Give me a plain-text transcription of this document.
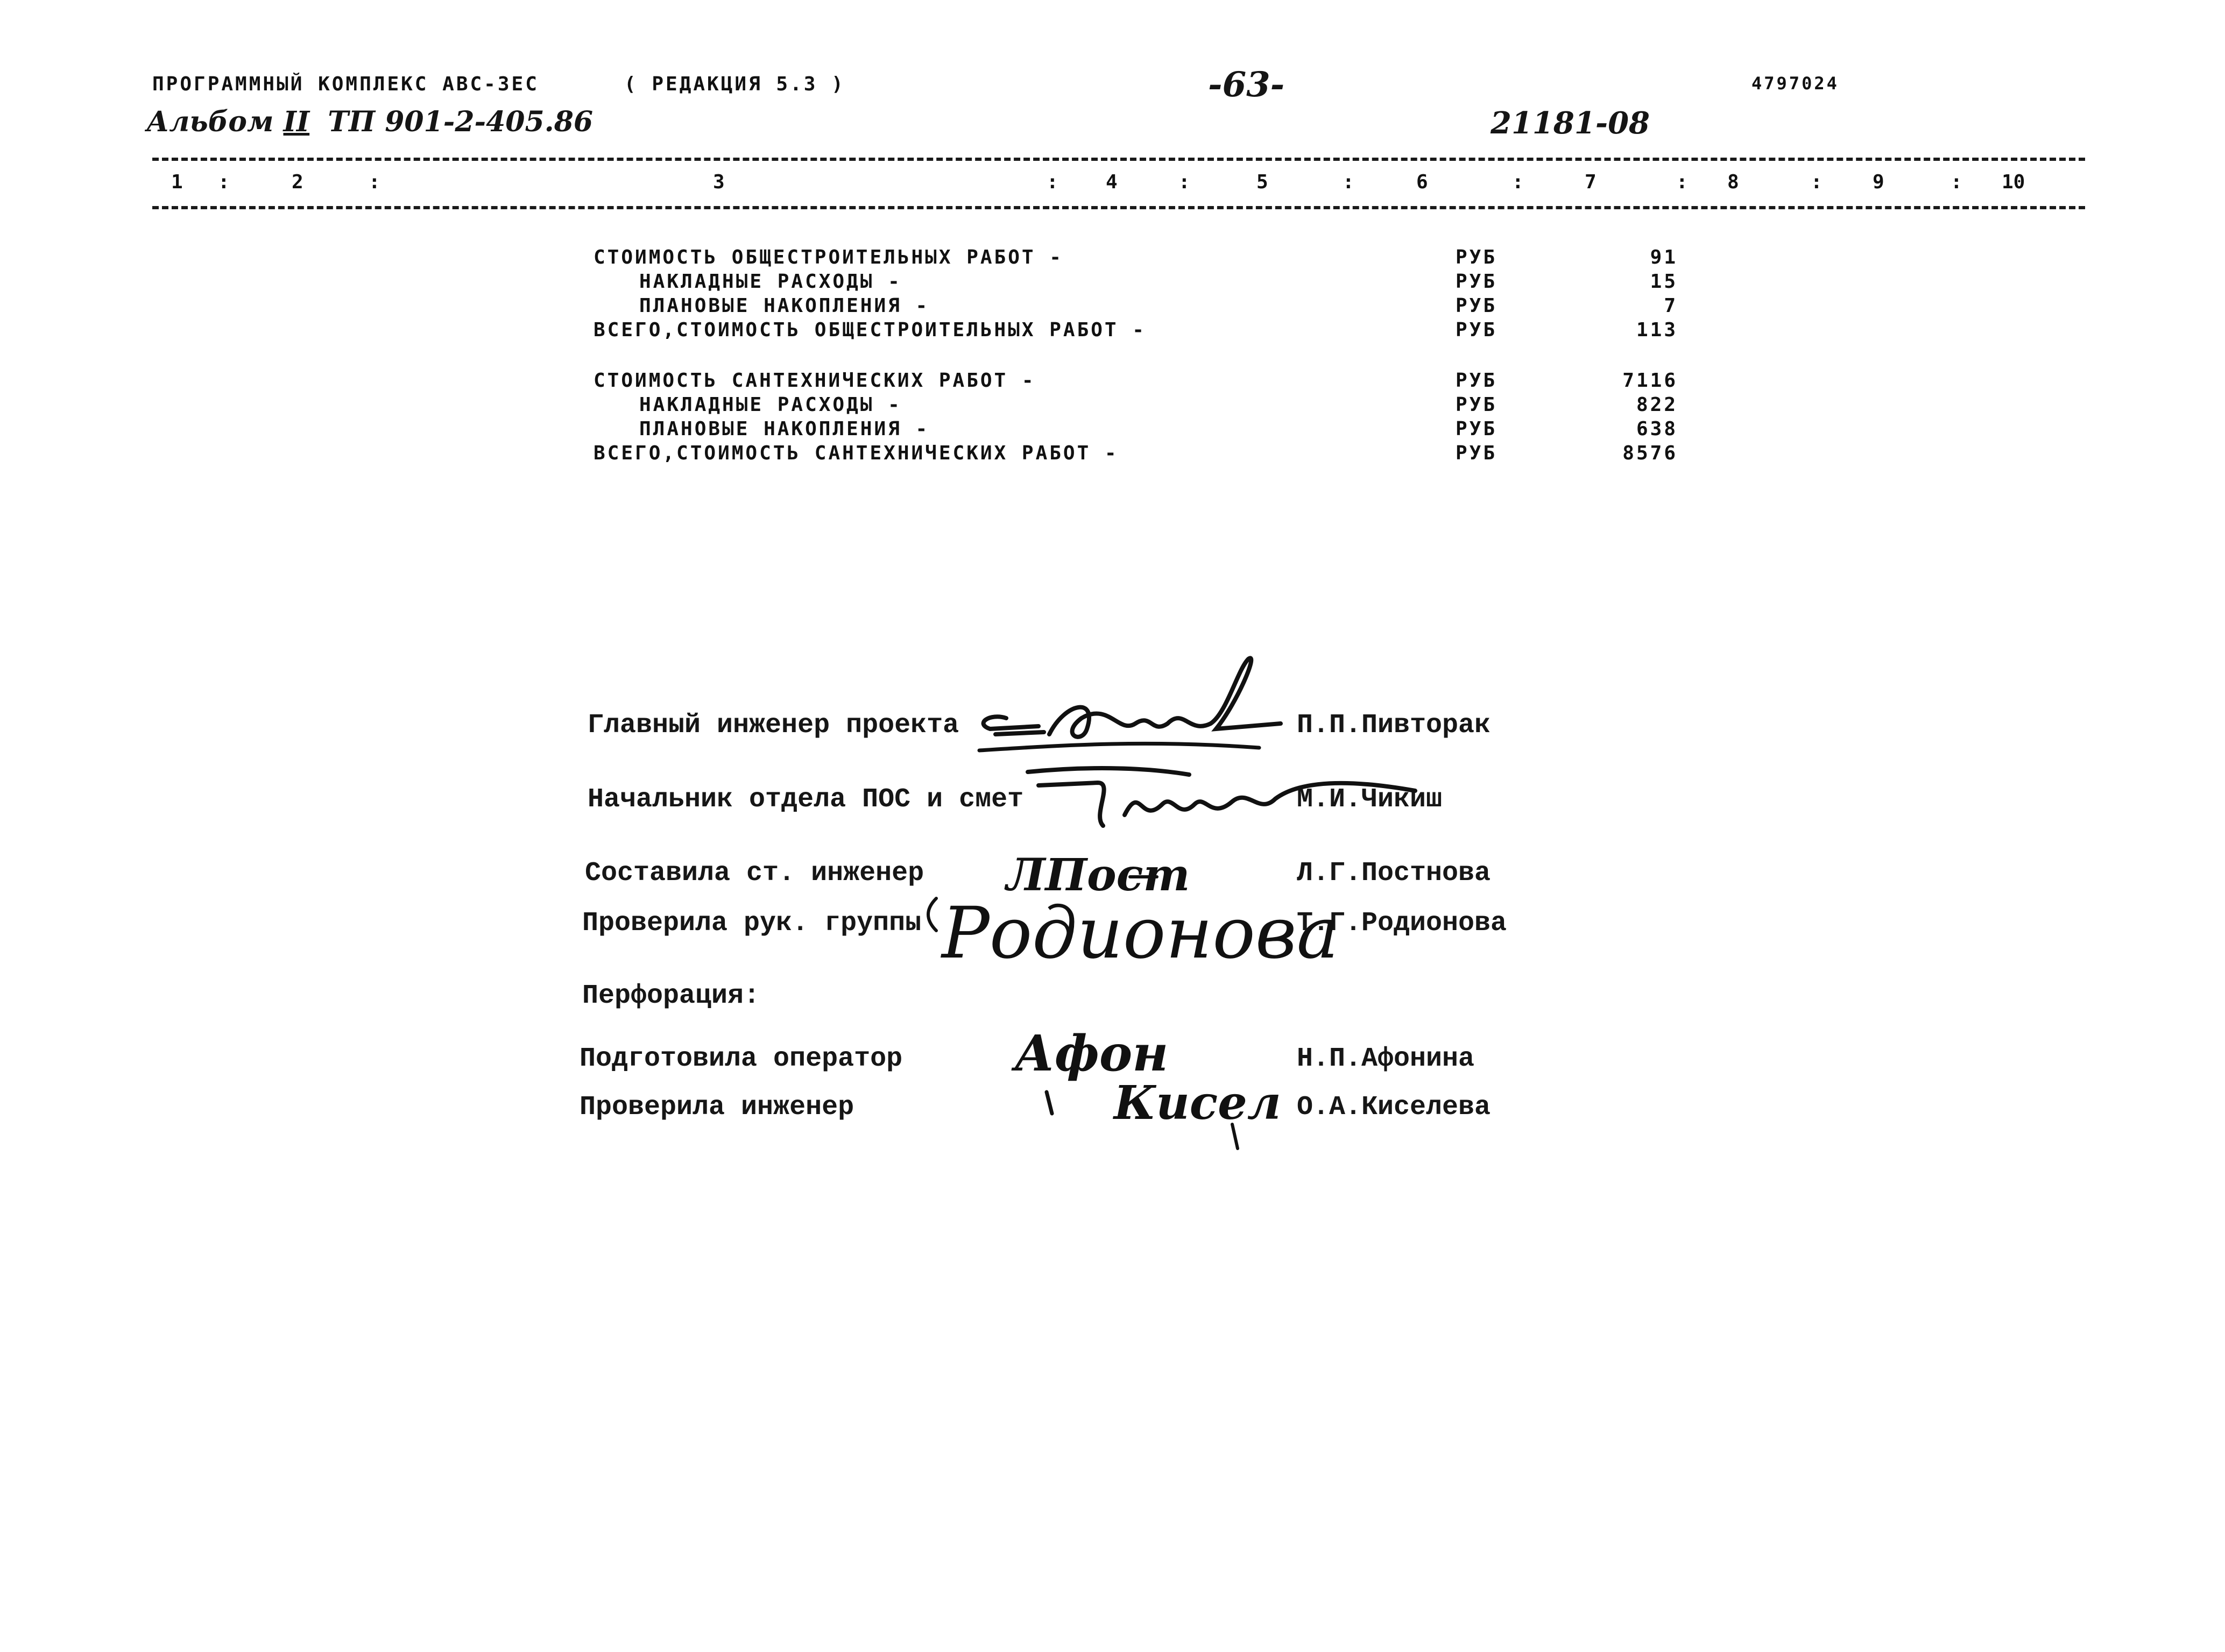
ПРОГРАММНЫЙ КОМПЛЕКС АВС-3ЕС	( РЕДАКЦИЯ 5.3 )	-63-	4797024
Альбом II ТП 901-2-405.86	21181-08
1 :	2	:	3	: 4	:	5	:	6	:	7	: 8	:	9	: 10
СТОИМОСТЬ ОБЩЕСТРОИТЕЛЬНЫХ РАБОТ -	РУБ	91
НАКЛАДНЫЕ РАСХОДЫ -	РУБ	15
ПЛАНОВЫЕ НАКОПЛЕНИЯ -	РУБ	7
ВСЕГО,СТОИМОСТЬ ОБЩЕСТРОИТЕЛЬНЫХ РАБОТ -	РУБ	113
СТОИМОСТЬ САНТЕХНИЧЕСКИХ РАБОТ -	РУБ	7116
НАКЛАДНЫЕ РАСХОДЫ -	РУБ	822
ПЛАНОВЫЕ НАКОПЛЕНИЯ -	РУБ	638
ВСЕГО,СТОИМОСТЬ САНТЕХНИЧЕСКИХ РАБОТ -	РУБ	8576
Главный инженер проекта	П.П.Пивторак
Начальник отдела ПОС и смет	М.И.Чикиш
Составила ст. инженер	Л.Г.Постнова
Проверила рук. группы	Т.Г.Родионова
Перфорация:
Подготовила оператор	Н.П.Афонина
Проверила инженер	О.А.Киселева
ЛПост
Родионова
Афон
Кисел
